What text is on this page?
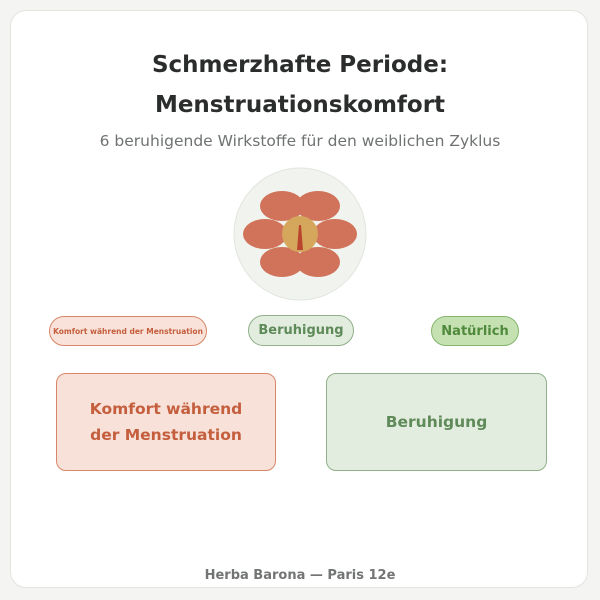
Schmerzhafte Periode:
Menstruationskomfort
6 beruhigende Wirkstoffe für den weiblichen Zyklus
Komfort während der Menstruation	Beruhigung	Natürlich
Komfort während der Menstruation
Beruhigung
Herba Barona — Paris 12e
